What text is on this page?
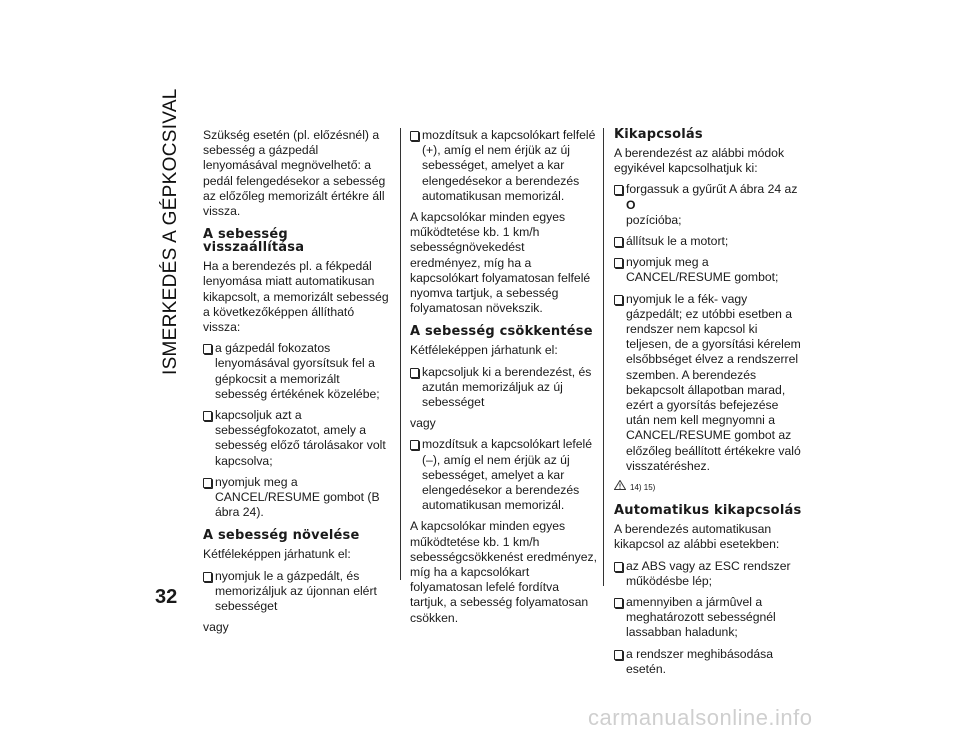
ISMERKEDÉS A GÉPKOCSIVAL Szükség esetén (pl. előzésnél) a sebesség a gázpedál lenyomásával megnövelhető: a pedál felengedésekor a sebesség az előzőleg memorizált értékre áll vissza.

A sebesség visszaállítása

Ha a berendezés pl. a fékpedál lenyomása miatt automatikusan kikapcsolt, a memorizált sebesség a következőképpen állítható vissza:

a gázpedál fokozatos lenyomásával gyorsítsuk fel a gépkocsit a memorizált sebesség értékének közelébe;
kapcsoljuk azt a sebességfokozatot, amely a sebesség előző tárolásakor volt kapcsolva;
nyomjuk meg a CANCEL/RESUME gombot (B ábra 24).
A sebesség növelése

Kétféleképpen járhatunk el:

nyomjuk le a gázpedált, és memorizáljuk az újonnan elért sebességet

vagy

mozdítsuk a kapcsolókart felfelé (+), amíg el nem érjük az új sebességet, amelyet a kar elengedésekor a berendezés automatikusan memorizál.

A kapcsolókar minden egyes működtetése kb. 1 km/h sebességnövekedést eredményez, míg ha a kapcsolókart folyamatosan felfelé nyomva tartjuk, a sebesség folyamatosan növekszik.

A sebesség csökkentése

Kétféleképpen járhatunk el:

kapcsoljuk ki a berendezést, és azután memorizáljuk az új sebességet

vagy

mozdítsuk a kapcsolókart lefelé (–), amíg el nem érjük az új sebességet, amelyet a kar elengedésekor a berendezés automatikusan memorizál.

A kapcsolókar minden egyes működtetése kb. 1 km/h sebességcsökkenést eredményez, míg ha a kapcsolókart folyamatosan lefelé fordítva tartjuk, a sebesség folyamatosan csökken.

Kikapcsolás

A berendezést az alábbi módok egyikével kapcsolhatjuk ki:

forgassuk a gyűrűt A ábra 24 az O
pozícióba;
állítsuk le a motort;
nyomjuk meg a CANCEL/RESUME gombot;
nyomjuk le a fék- vagy gázpedált; ez utóbbi esetben a rendszer nem kapcsol ki teljesen, de a gyorsítási kérelem elsőbbséget élvez a rendszerrel szemben. A berendezés bekapcsolt állapotban marad, ezért a gyorsítás befejezése után nem kell megnyomni a CANCEL/RESUME gombot az előzőleg beállított értékekre való visszatéréshez.
14) 15)
Automatikus kikapcsolás

A berendezés automatikusan kikapcsol az alábbi esetekben:

az ABS vagy az ESC rendszer működésbe lép;
amennyiben a jármûvel a meghatározott sebességnél lassabban haladunk;
a rendszer meghibásodása esetén.
32
carmanualsonline.info
